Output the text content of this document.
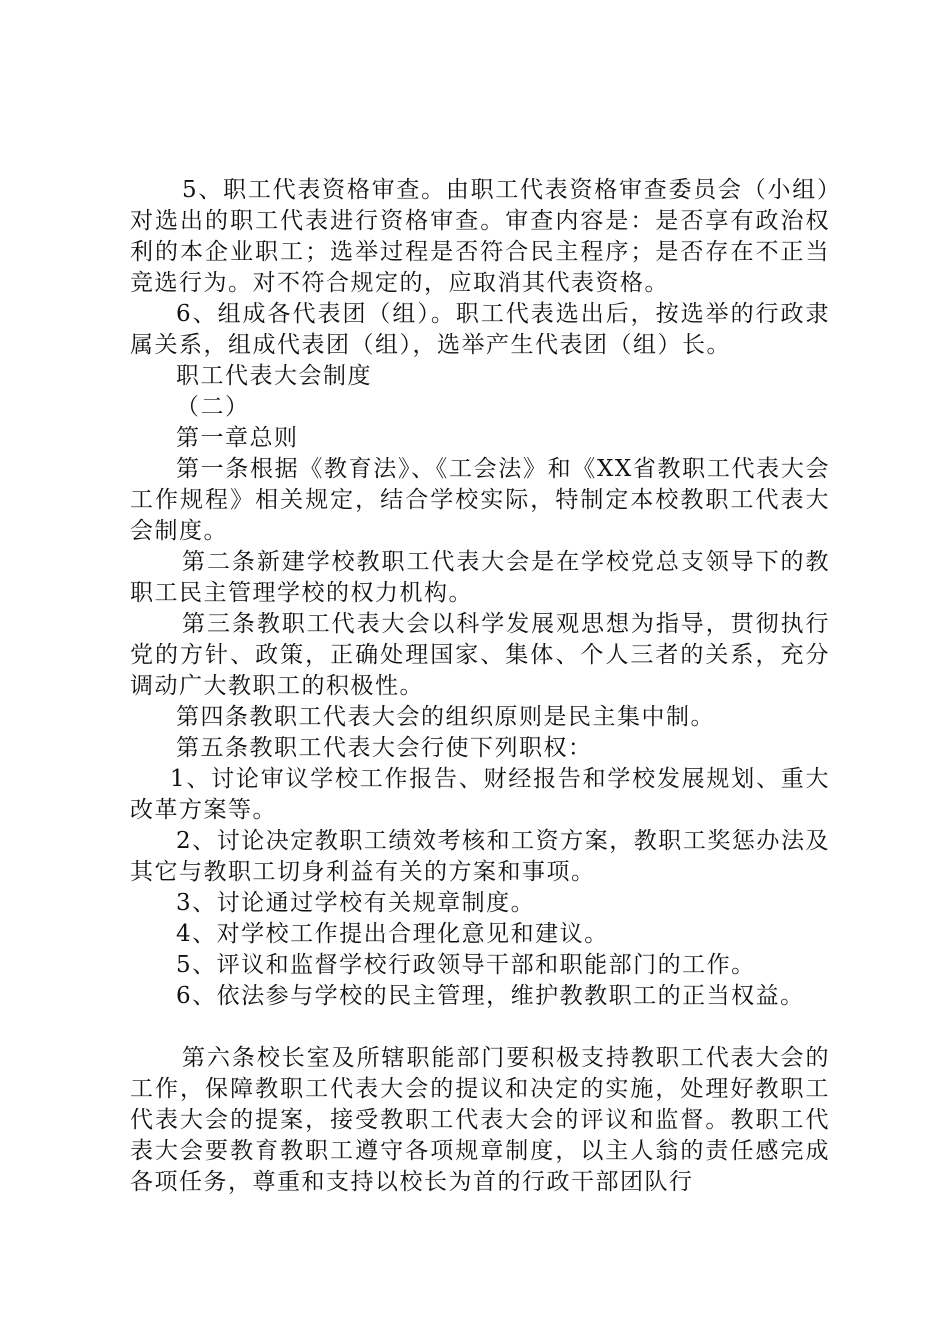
5、职工代表资格审查。由职工代表资格审查委员会（小组）对选出的职工代表进行资格审查。审查内容是：是否享有政治权利的本企业职工；选举过程是否符合民主程序；是否存在不正当竞选行为。对不符合规定的，应取消其代表资格。

6、组成各代表团（组）。职工代表选出后，按选举的行政隶属关系，组成代表团（组），选举产生代表团（组）长。

职工代表大会制度

（二）

第一章总则

第一条根据《教育法》、《工会法》和《XX省教职工代表大会工作规程》相关规定，结合学校实际，特制定本校教职工代表大会制度。

第二条新建学校教职工代表大会是在学校党总支领导下的教职工民主管理学校的权力机构。

第三条教职工代表大会以科学发展观思想为指导，贯彻执行党的方针、政策，正确处理国家、集体、个人三者的关系，充分调动广大教职工的积极性。

第四条教职工代表大会的组织原则是民主集中制。

第五条教职工代表大会行使下列职权：

1、讨论审议学校工作报告、财经报告和学校发展规划、重大改革方案等。

2、讨论决定教职工绩效考核和工资方案，教职工奖惩办法及其它与教职工切身利益有关的方案和事项。

3、讨论通过学校有关规章制度。

4、对学校工作提出合理化意见和建议。

5、评议和监督学校行政领导干部和职能部门的工作。

6、依法参与学校的民主管理，维护教教职工的正当权益。

第六条校长室及所辖职能部门要积极支持教职工代表大会的工作，保障教职工代表大会的提议和决定的实施，处理好教职工代表大会的提案，接受教职工代表大会的评议和监督。教职工代表大会要教育教职工遵守各项规章制度，以主人翁的责任感完成各项任务，尊重和支持以校长为首的行政干部团队行
